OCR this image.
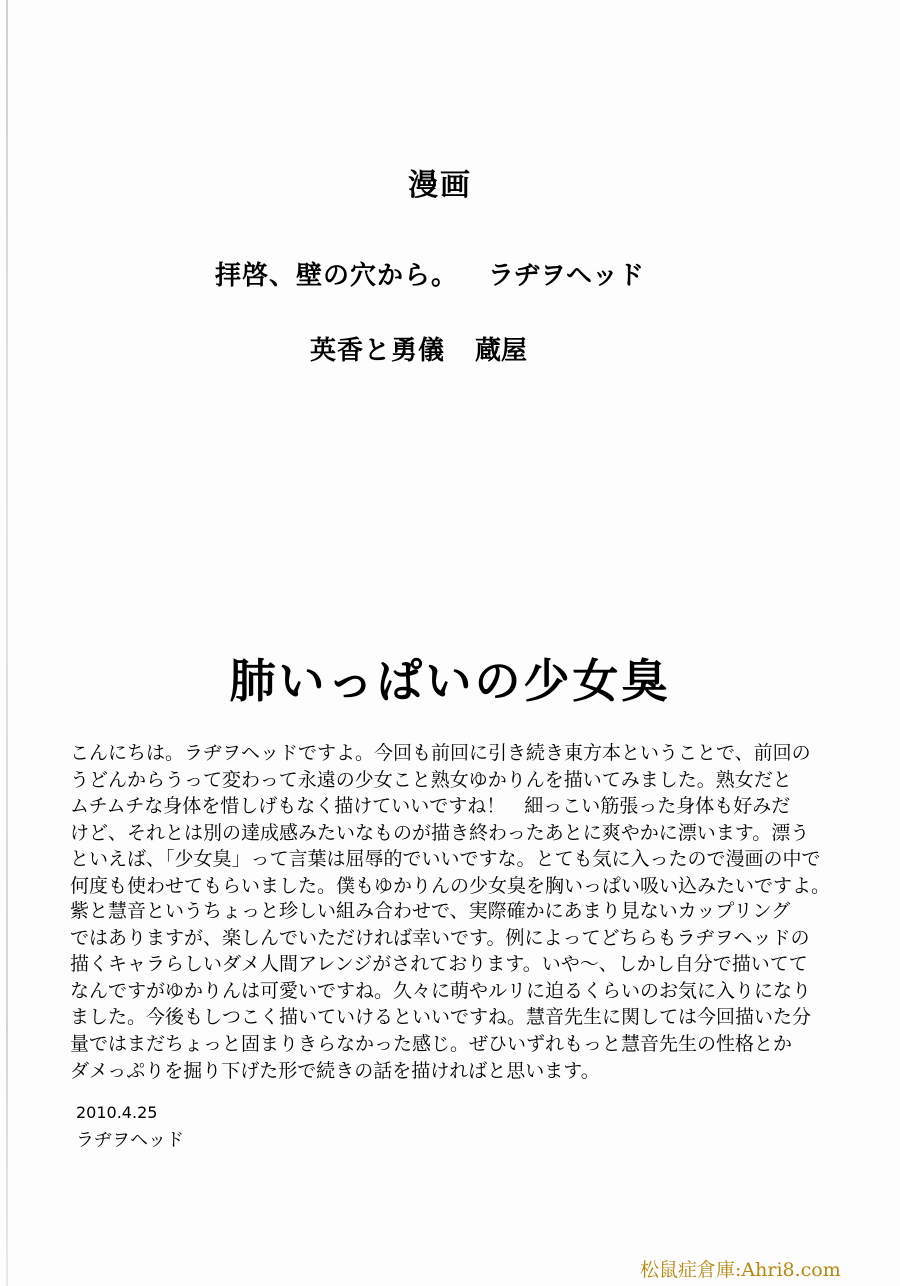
漫画
拝啓、壁の穴から。 ラヂヲヘッド
英香と勇儀 蔵屋
肺いっぱいの少女臭
こんにちは。ラヂヲヘッドですよ。今回も前回に引き続き東方本ということで、前回の
うどんからうって変わって永遠の少女こと熟女ゆかりんを描いてみました。熟女だと
ムチムチな身体を惜しげもなく描けていいですね！　細っこい筋張った身体も好みだ
けど、それとは別の達成感みたいなものが描き終わったあとに爽やかに漂います。漂う
といえば、「少女臭」って言葉は屈辱的でいいですな。とても気に入ったので漫画の中で
何度も使わせてもらいました。僕もゆかりんの少女臭を胸いっぱい吸い込みたいですよ。
紫と慧音というちょっと珍しい組み合わせで、実際確かにあまり見ないカップリング
ではありますが、楽しんでいただければ幸いです。例によってどちらもラヂヲヘッドの
描くキャラらしいダメ人間アレンジがされております。いや～、しかし自分で描いてて
なんですがゆかりんは可愛いですね。久々に萌やルリに迫るくらいのお気に入りになり
ました。今後もしつこく描いていけるといいですね。慧音先生に関しては今回描いた分
量ではまだちょっと固まりきらなかった感じ。ぜひいずれもっと慧音先生の性格とか
ダメっぷりを掘り下げた形で続きの話を描ければと思います。
2010.4.25
ラヂヲヘッド
松鼠症倉庫:Ahri8.com
